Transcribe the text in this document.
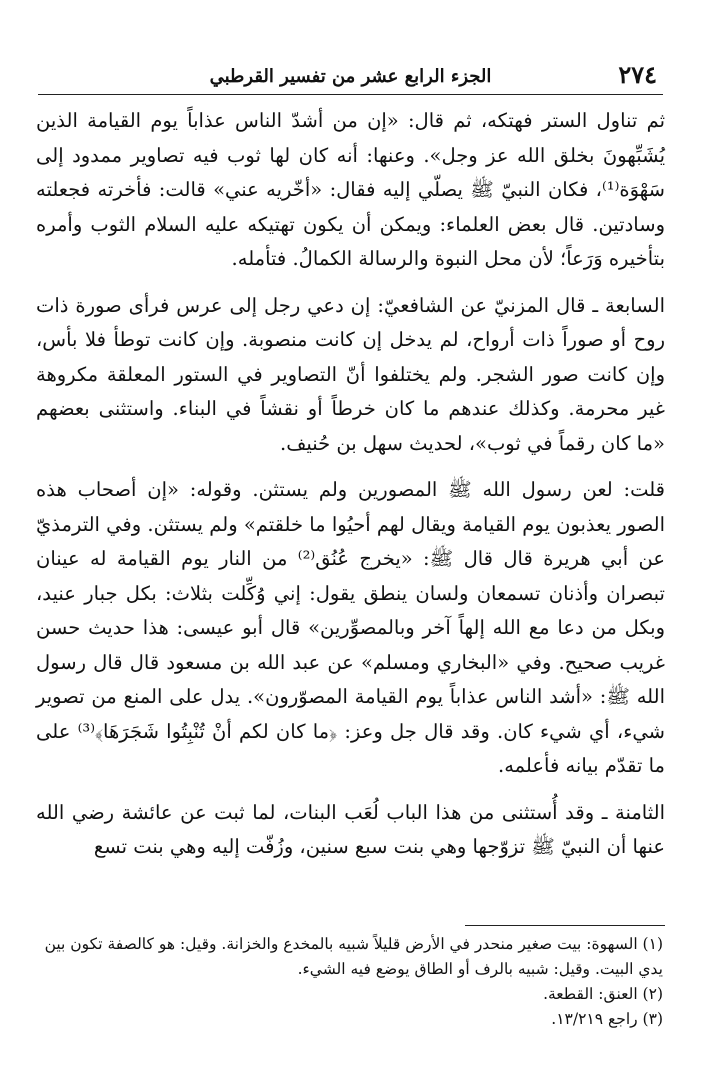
٢٧٤
الجزء الرابع عشر من تفسير القرطبي

ثم تناول الستر فهتكه، ثم قال: «إن من أشدّ الناس عذاباً يوم القيامة الذين يُشَبِّهونَ بخلق الله عز وجل». وعنها: أنه كان لها ثوب فيه تصاوير ممدود إلى سَهْوَة⁽¹⁾، فكان النبيّ ﷺ يصلّي إليه فقال: «أخّريه عني» قالت: فأخرته فجعلته وسادتين. قال بعض العلماء: ويمكن أن يكون تهتيكه عليه السلام الثوب وأمره بتأخيره وَرَعاً؛ لأن محل النبوة والرسالة الكمالُ. فتأمله.

السابعة ـ قال المزنيّ عن الشافعيّ: إن دعي رجل إلى عرس فرأى صورة ذات روح أو صوراً ذات أرواح، لم يدخل إن كانت منصوبة. وإن كانت توطأ فلا بأس، وإن كانت صور الشجر. ولم يختلفوا أنّ التصاوير في الستور المعلقة مكروهة غير محرمة. وكذلك عندهم ما كان خرطاً أو نقشاً في البناء. واستثنى بعضهم «ما كان رقماً في ثوب»، لحديث سهل بن حُنيف.

قلت: لعن رسول الله ﷺ المصورين ولم يستثن. وقوله: «إن أصحاب هذه الصور يعذبون يوم القيامة ويقال لهم أحيُوا ما خلقتم» ولم يستثن. وفي الترمذيّ عن أبي هريرة قال قال ﷺ: «يخرج عُنُق⁽²⁾ من النار يوم القيامة له عينان تبصران وأذنان تسمعان ولسان ينطق يقول: إني وُكِّلت بثلاث: بكل جبار عنيد، وبكل من دعا مع الله إلهاً آخر وبالمصوِّرين» قال أبو عيسى: هذا حديث حسن غريب صحيح. وفي «البخاري ومسلم» عن عبد الله بن مسعود قال قال رسول الله ﷺ: «أشد الناس عذاباً يوم القيامة المصوّرون». يدل على المنع من تصوير شيء، أي شيء كان. وقد قال جل وعز: ﴿ما كان لكم أنْ تُنْبِتُوا شَجَرَهَا﴾⁽³⁾ على ما تقدّم بيانه فأعلمه.

الثامنة ـ وقد أُستثنى من هذا الباب لُعَب البنات، لما ثبت عن عائشة رضي الله عنها أن النبيّ ﷺ تزوّجها وهي بنت سبع سنين، وزُفّت إليه وهي بنت تسع

(١) السهوة: بيت صغير منحدر في الأرض قليلاً شبيه بالمخدع والخزانة. وقيل: هو كالصفة تكون بين يدي البيت. وقيل: شبيه بالرف أو الطاق يوضع فيه الشيء.

(٢) العنق: القطعة.

(٣) راجع ١٣/٢١٩.
